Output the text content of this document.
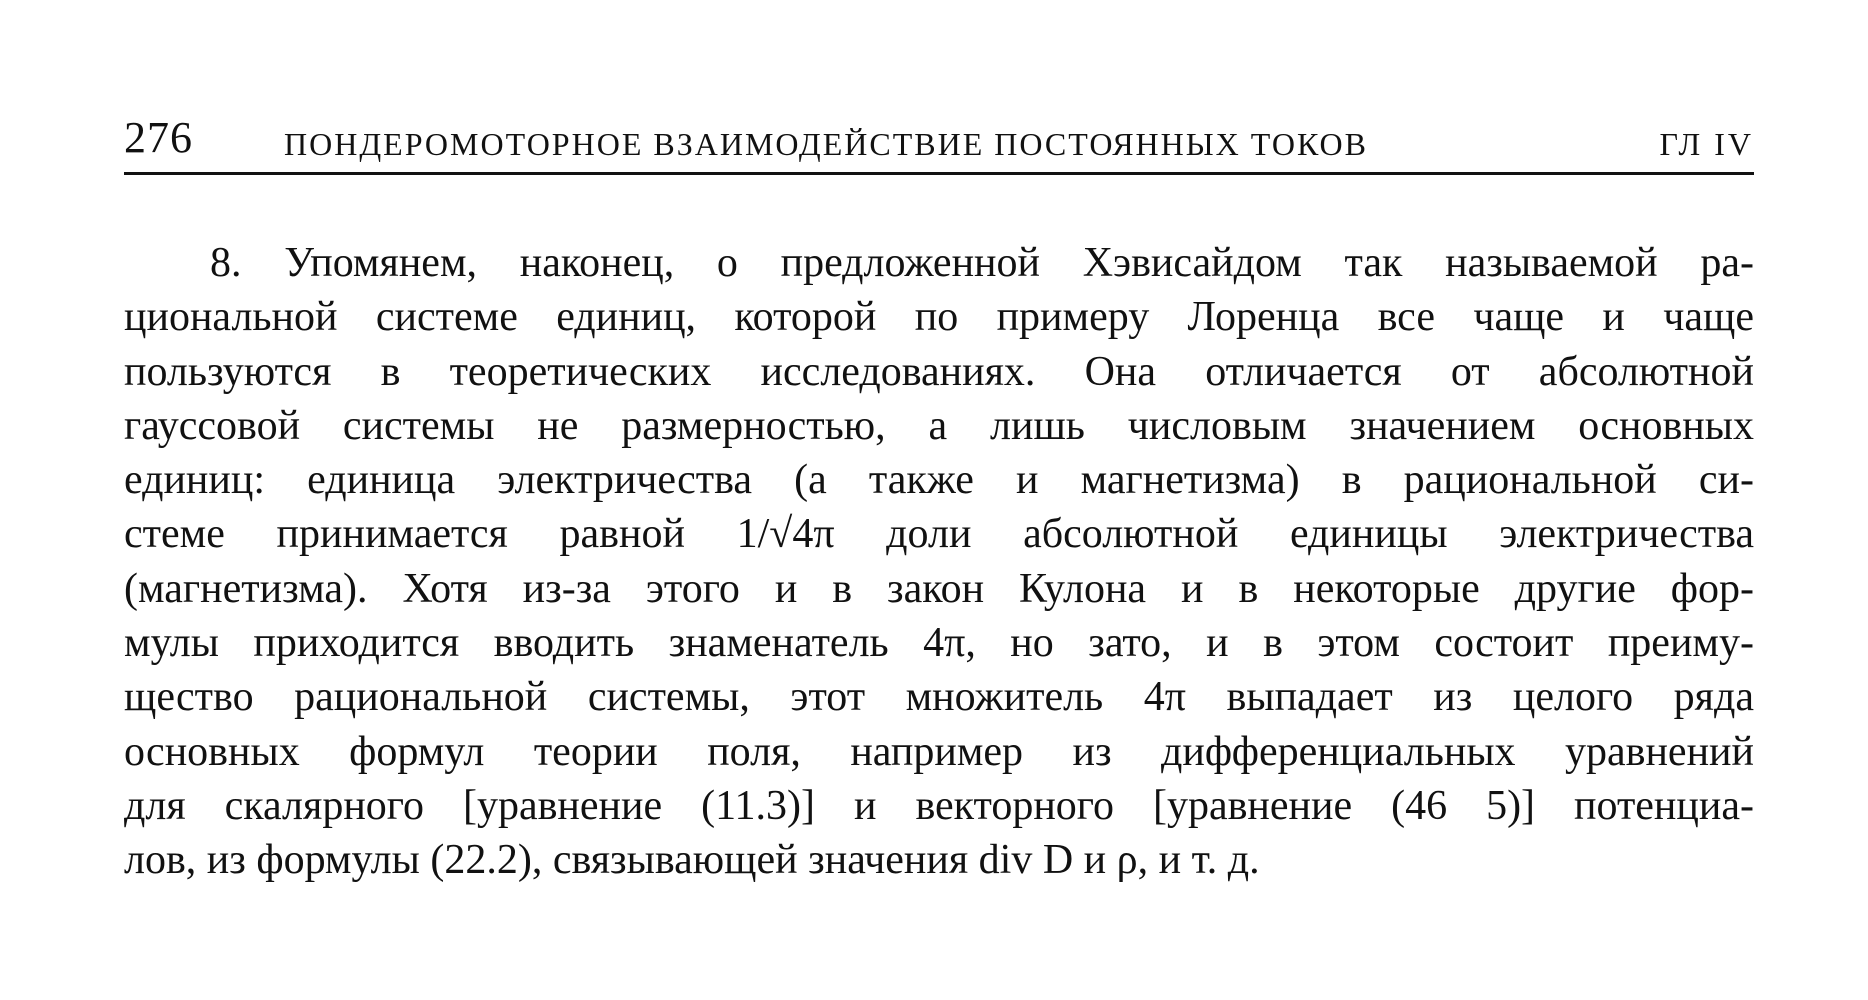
276	ПОНДЕРОМОТОРНОЕ ВЗАИМОДЕЙСТВИЕ ПОСТОЯННЫХ ТОКОВ	ГЛ IV
8. Упомянем, наконец, о предложенной Хэвисайдом так называемой ра-
циональной системе единиц, которой по примеру Лоренца все чаще и чаще
пользуются в теоретических исследованиях. Она отличается от абсолютной
гауссовой системы не размерностью, а лишь числовым значением основных
единиц: единица электричества (а также и магнетизма) в рациональной си-
стеме принимается равной 1/√4π доли абсолютной единицы электричества
(магнетизма). Хотя из-за этого и в закон Кулона и в некоторые другие фор-
мулы приходится вводить знаменатель 4π, но зато, и в этом состоит преиму-
щество рациональной системы, этот множитель 4π выпадает из целого ряда
основных формул теории поля, например из дифференциальных уравнений
для скалярного [уравнение (11.3)] и векторного [уравнение (46 5)] потенциа-
лов, из формулы (22.2), связывающей значения div D и ρ, и т. д.
